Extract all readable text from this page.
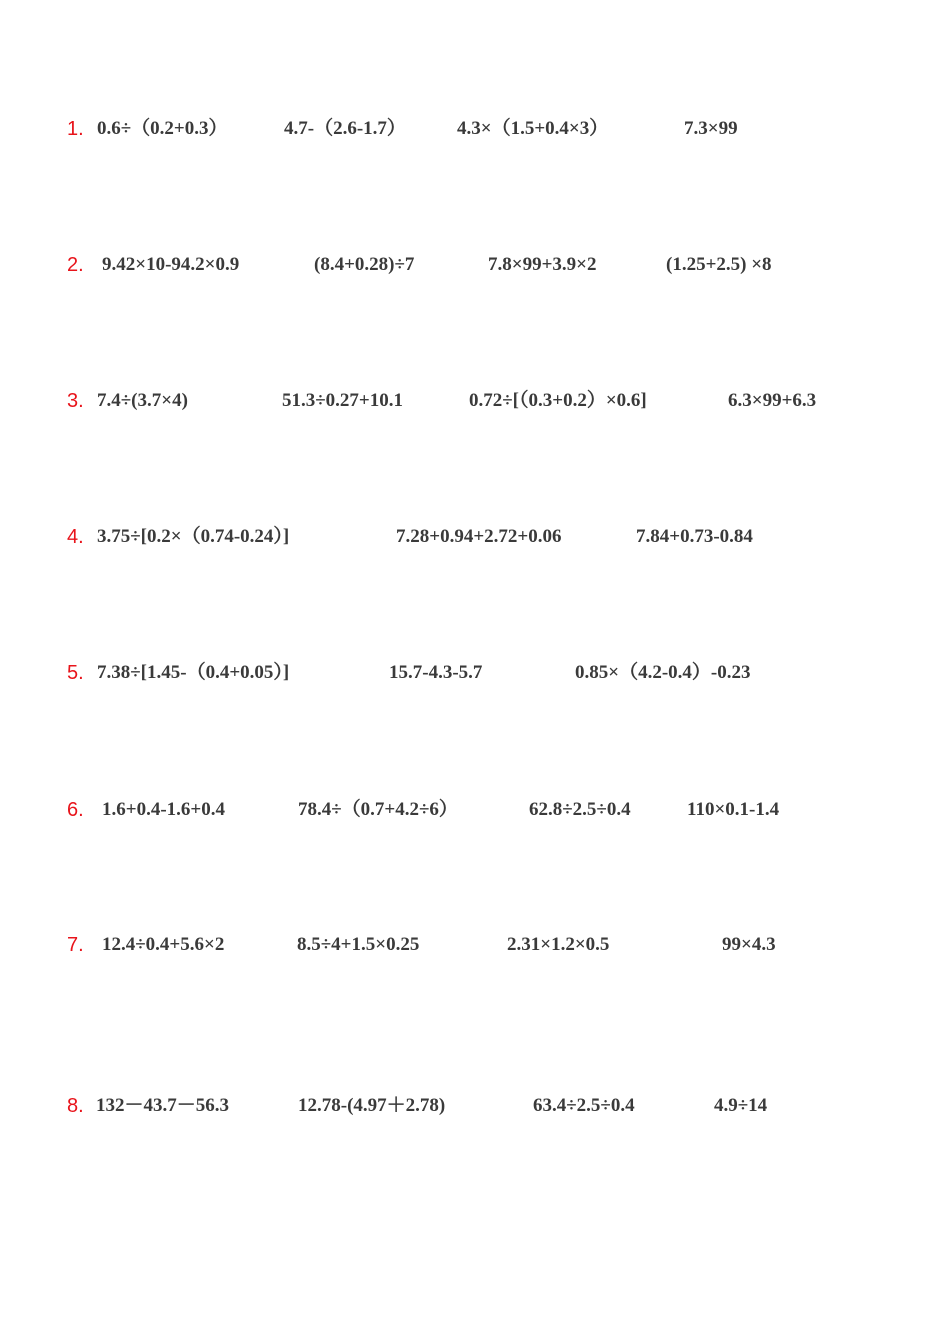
1. 0.6÷（0.2+0.3）	4.7-（2.6-1.7）	4.3×（1.5+0.4×3）	7.3×99
2. 9.42×10-94.2×0.9	(8.4+0.28)÷7	7.8×99+3.9×2	(1.25+2.5) ×8
3. 7.4÷(3.7×4)	51.3÷0.27+10.1	0.72÷[（0.3+0.2）×0.6]	6.3×99+6.3
4. 3.75÷[0.2×（0.74-0.24）]	7.28+0.94+2.72+0.06	7.84+0.73-0.84
5. 7.38÷[1.45-（0.4+0.05）]	15.7-4.3-5.7	0.85×（4.2-0.4）-0.23
6. 1.6+0.4-1.6+0.4	78.4÷（0.7+4.2÷6）	62.8÷2.5÷0.4	110×0.1-1.4
7. 12.4÷0.4+5.6×2	8.5÷4+1.5×0.25	2.31×1.2×0.5	99×4.3
8. 132－43.7－56.3	12.78-(4.97＋2.78)	63.4÷2.5÷0.4	4.9÷14
